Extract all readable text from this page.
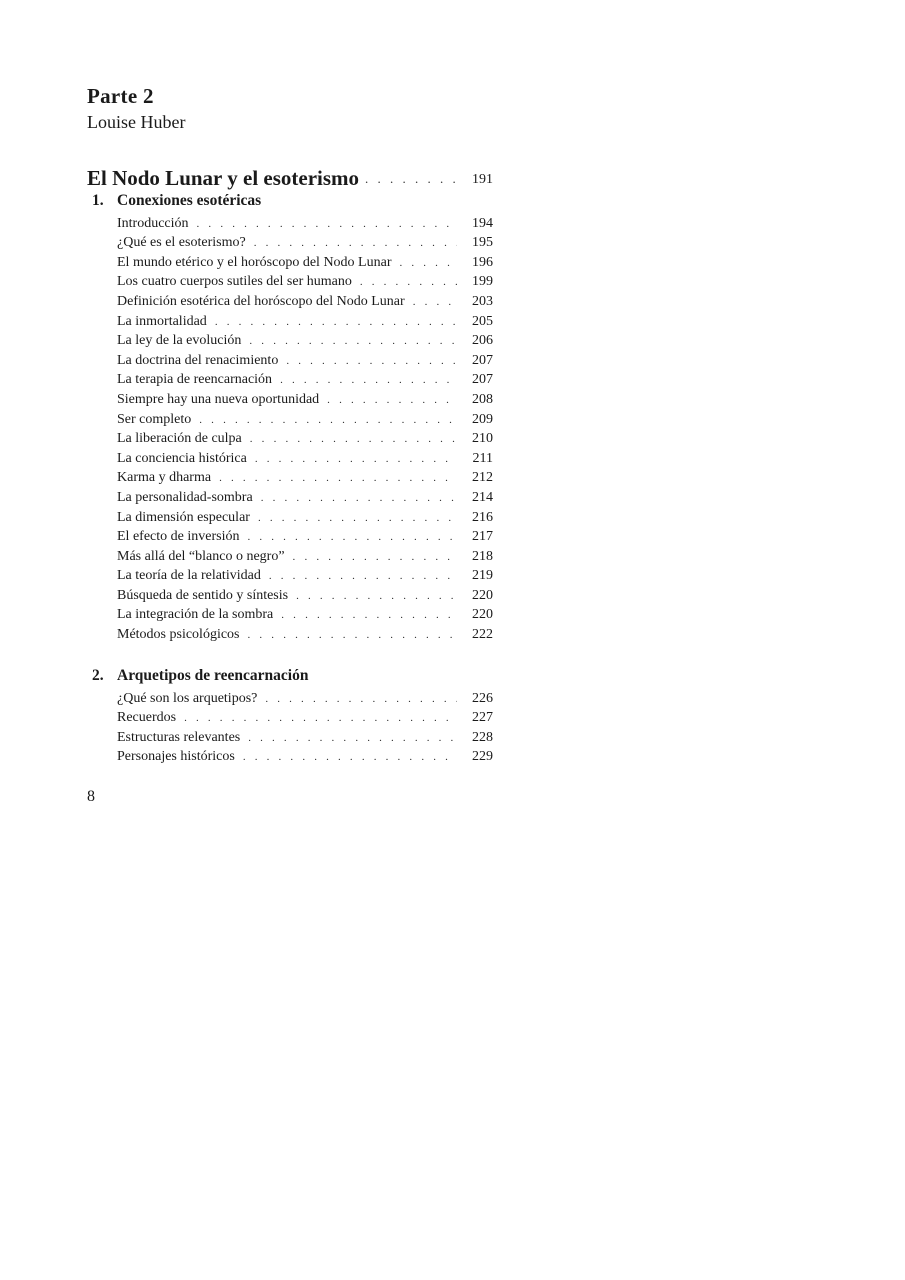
Parte 2
Louise Huber
El Nodo Lunar y el esoterismo . . .	191
1. Conexiones esotéricas
Introducción . . .	194
¿Qué es el esoterismo? . . .	195
El mundo etérico y el horóscopo del Nodo Lunar . . .	196
Los cuatro cuerpos sutiles del ser humano . . .	199
Definición esotérica del horóscopo del Nodo Lunar . . .	203
La inmortalidad . . .	205
La ley de la evolución . . .	206
La doctrina del renacimiento . . .	207
La terapia de reencarnación . . .	207
Siempre hay una nueva oportunidad . . .	208
Ser completo . . .	209
La liberación de culpa . . .	210
La conciencia histórica . . .	211
Karma y dharma . . .	212
La personalidad-sombra . . .	214
La dimensión especular . . .	216
El efecto de inversión . . .	217
Más allá del “blanco o negro” . . .	218
La teoría de la relatividad . . .	219
Búsqueda de sentido y síntesis . . .	220
La integración de la sombra . . .	220
Métodos psicológicos . . .	222
2. Arquetipos de reencarnación
¿Qué son los arquetipos? . . .	226
Recuerdos . . .	227
Estructuras relevantes . . .	228
Personajes históricos . . .	229
8
